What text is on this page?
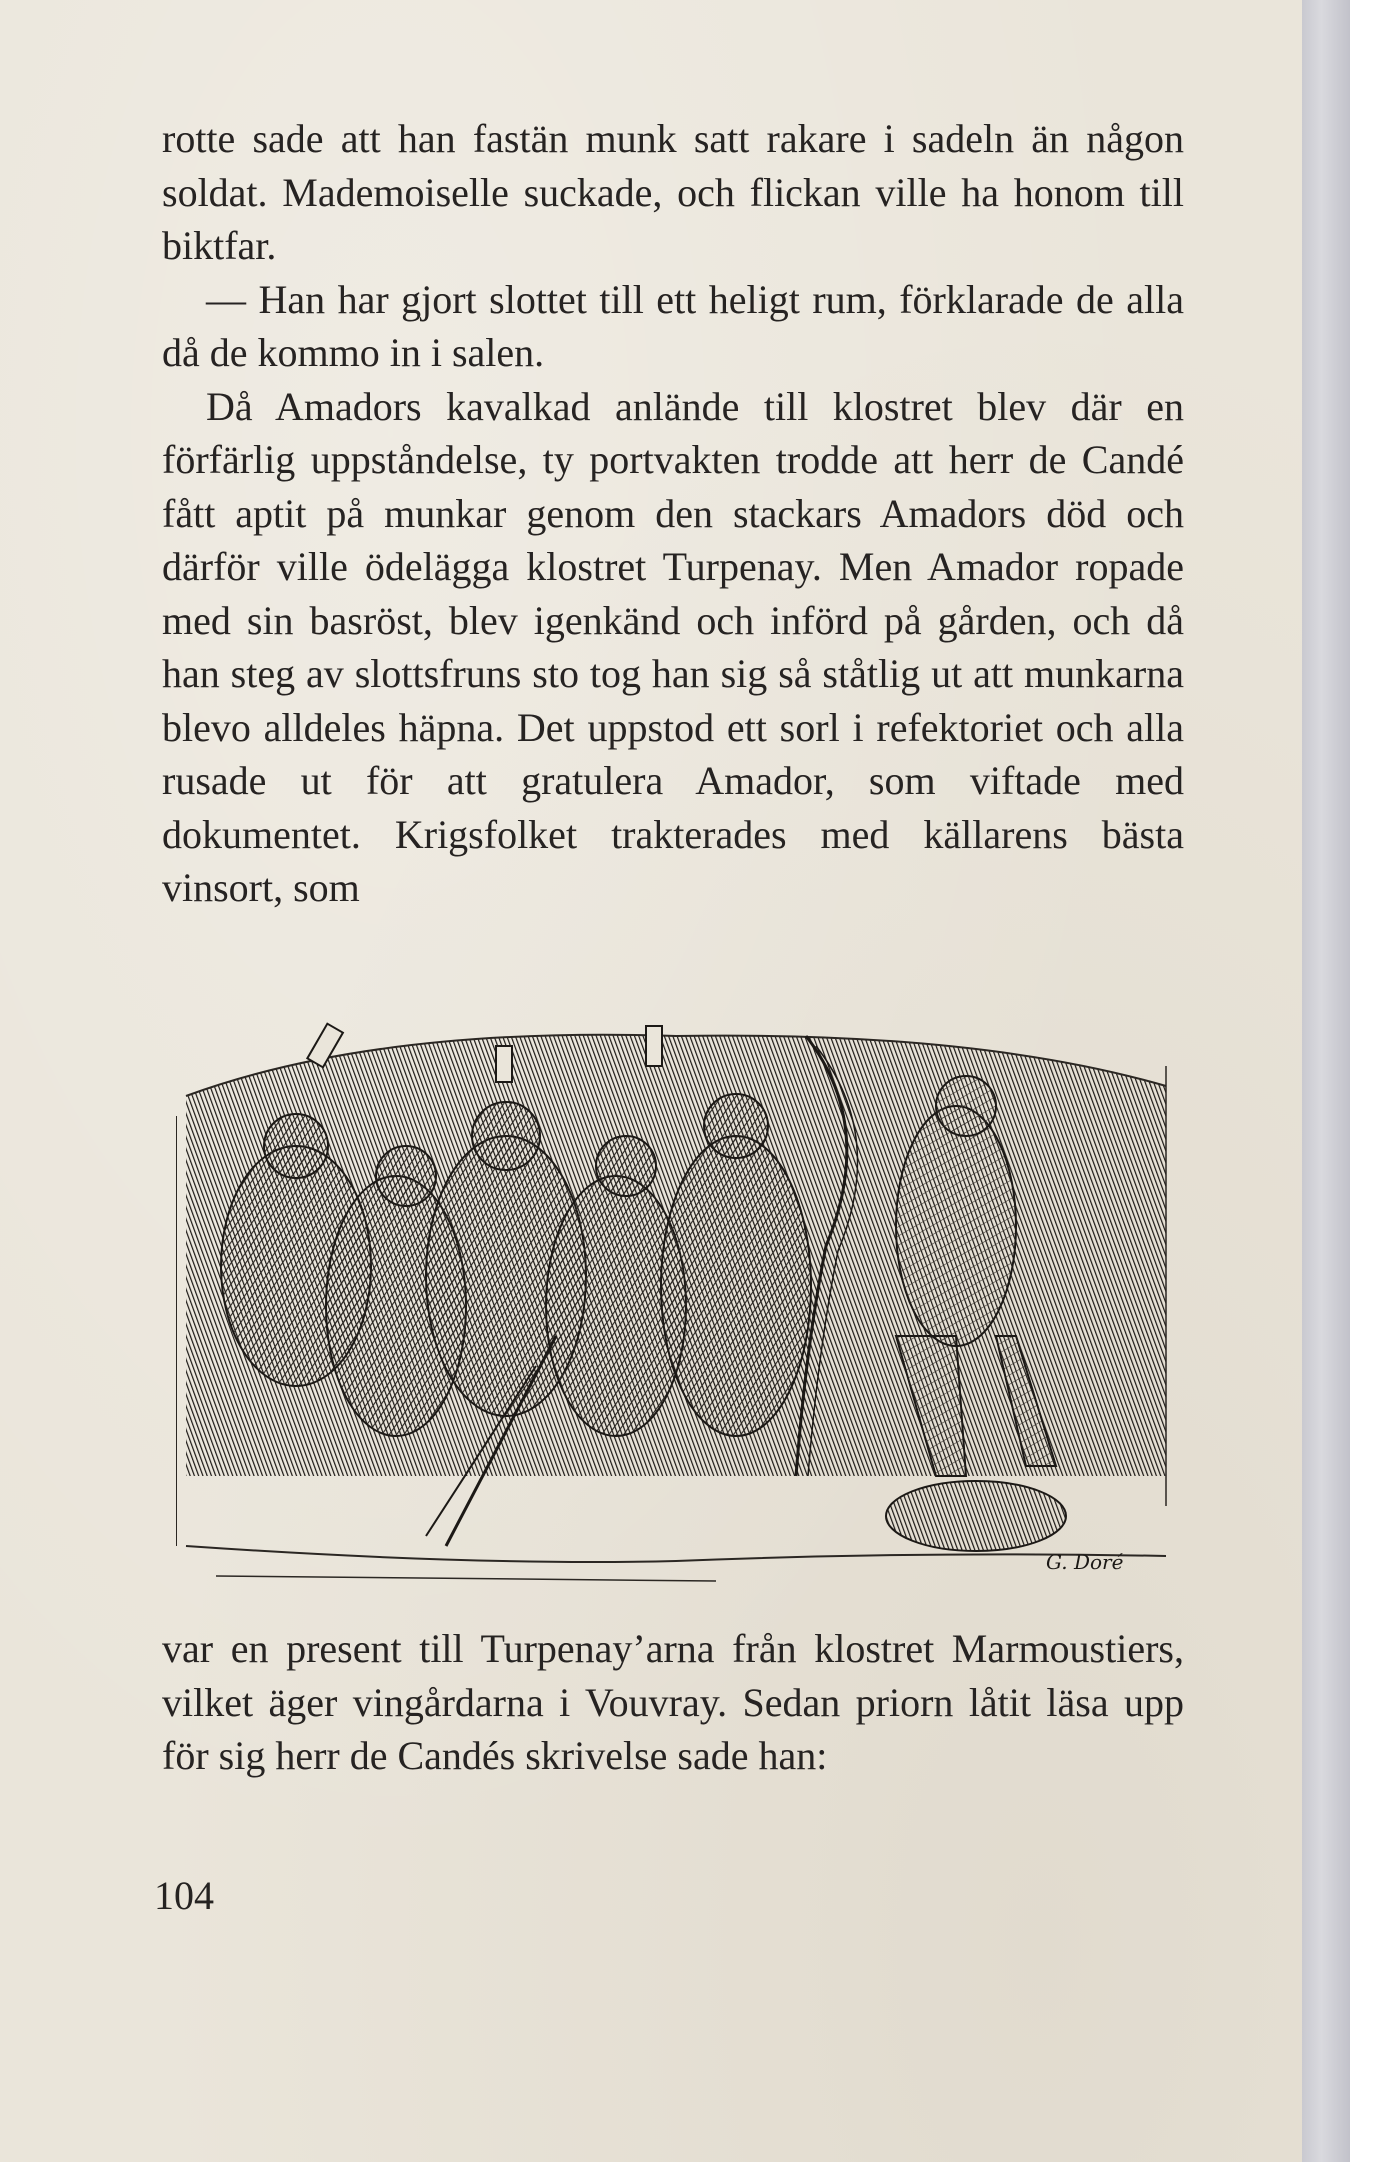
rotte sade att han fastän munk satt rakare i sadeln än någon soldat. Mademoiselle suckade, och flickan ville ha honom till biktfar.

— Han har gjort slottet till ett heligt rum, förklarade de alla då de kommo in i salen.

Då Amadors kavalkad anlände till klostret blev där en förfärlig uppståndelse, ty portvakten trodde att herr de Candé fått aptit på munkar genom den stackars Amadors död och därför ville ödelägga klostret Turpenay. Men Amador ropade med sin basröst, blev igenkänd och införd på gården, och då han steg av slottsfruns sto tog han sig så ståtlig ut att munkarna blevo alldeles häpna. Det uppstod ett sorl i refektoriet och alla rusade ut för att gratulera Amador, som viftade med dokumentet. Krigsfolket trakterades med källarens bästa vinsort, som

G. Doré

var en present till Turpenay’arna från klostret Marmoustiers, vilket äger vingårdarna i Vouvray. Sedan priorn låtit läsa upp för sig herr de Candés skrivelse sade han:

104
